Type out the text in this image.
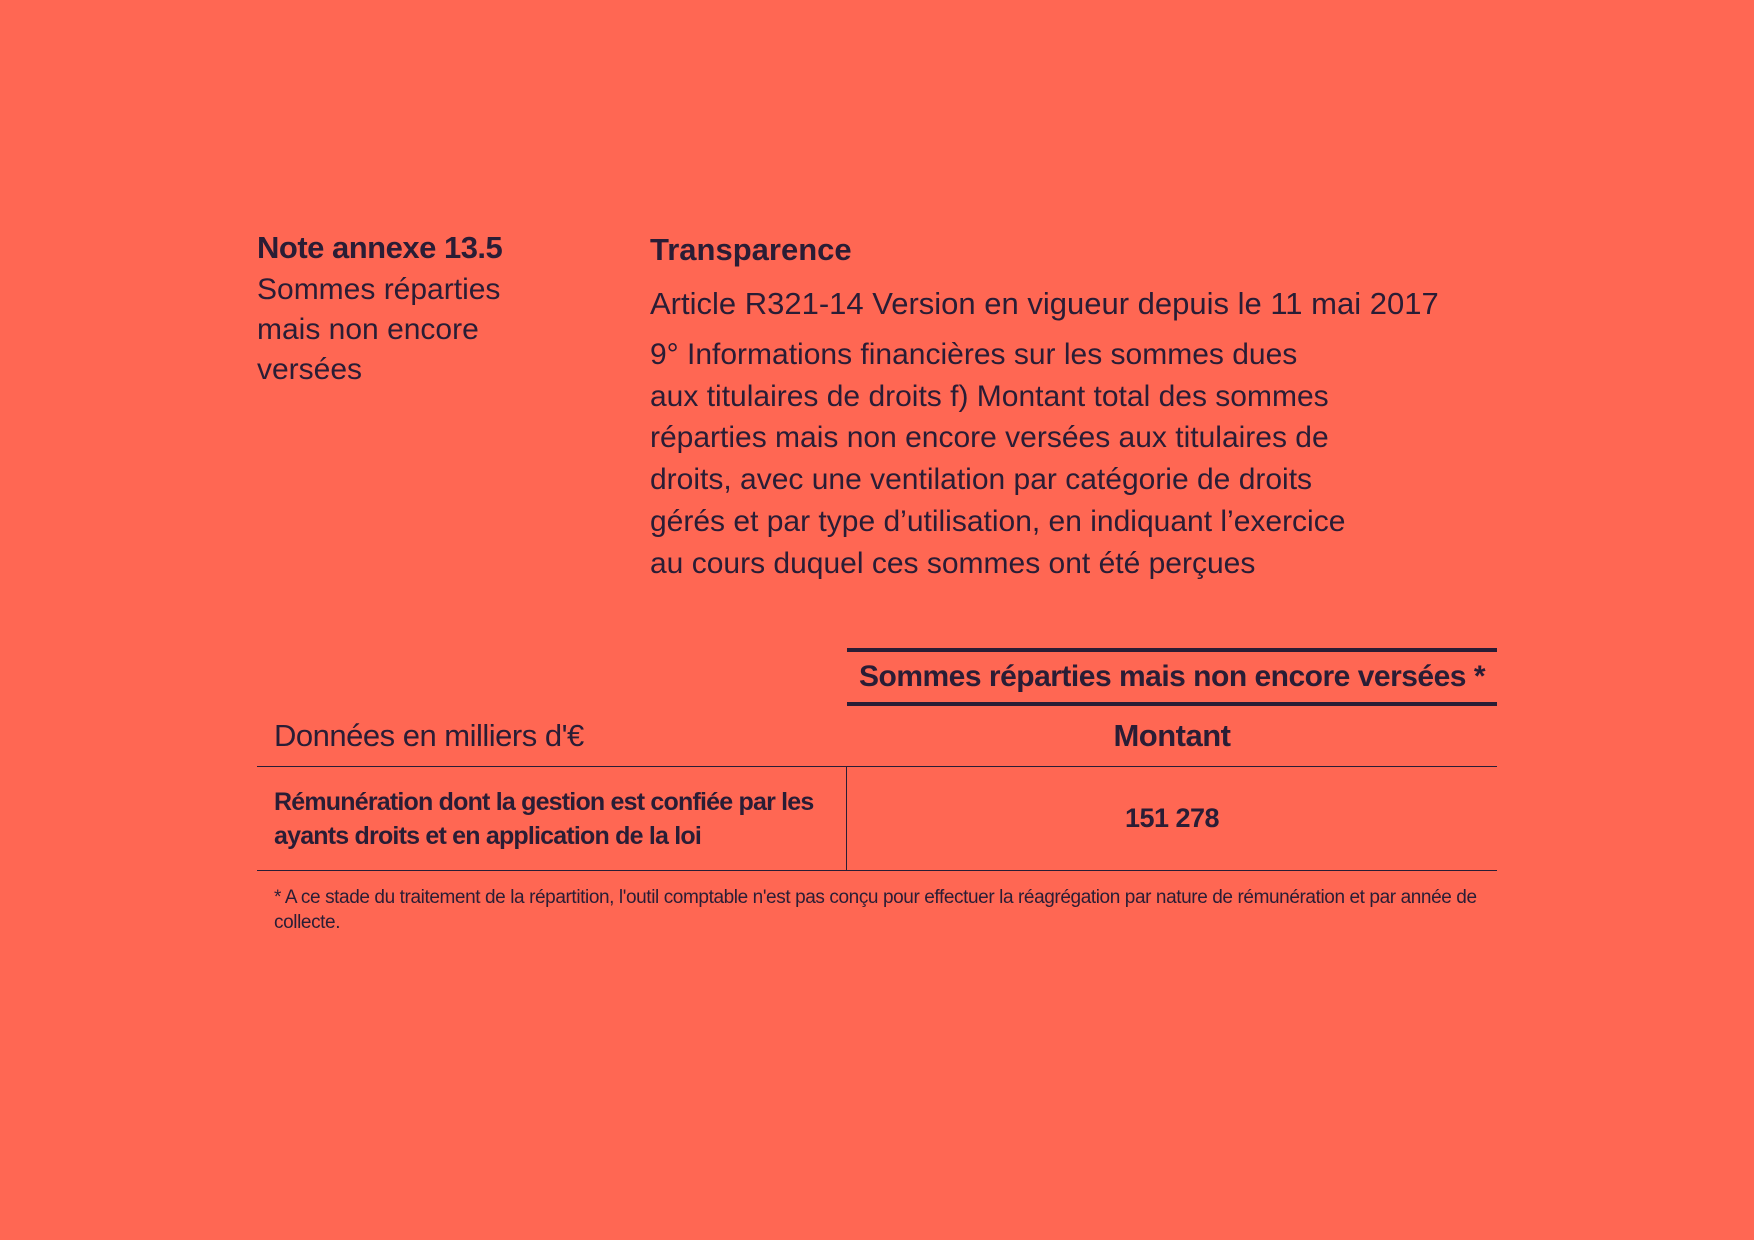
Note annexe 13.5

Sommes réparties
mais non encore
versées

Transparence

Article R321-14 Version en vigueur depuis le 11 mai 2017

9° Informations financières sur les sommes dues
aux titulaires de droits f) Montant total des sommes
réparties mais non encore versées aux titulaires de
droits, avec une ventilation par catégorie de droits
gérés et par type d’utilisation, en indiquant l’exercice
au cours duquel ces sommes ont été perçues

Sommes réparties mais non encore versées *
Données en milliers d'€	Montant
Rémunération dont la gestion est confiée par les ayants droits et en application de la loi
151 278
* A ce stade du traitement de la répartition, l'outil comptable n'est pas conçu pour effectuer la réagrégation par nature de rémunération et par année de collecte.
